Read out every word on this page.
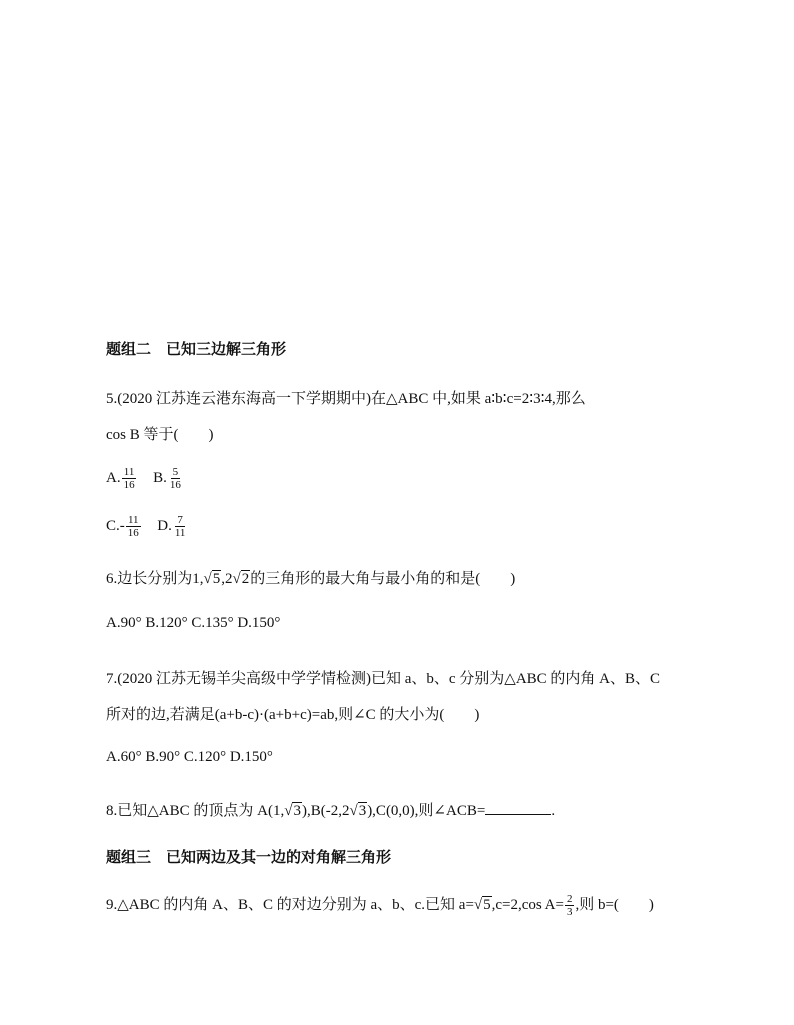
题组二　已知三边解三角形
5.(2020 江苏连云港东海高一下学期期中)在△ABC 中,如果 a∶b∶c=2∶3∶4,那么
cos B 等于(　　)
A. $\frac{11}{16} B$. $\frac{5}{16}$
$C.- \frac{11}{16} D$. $\frac{7}{11}$
6.边长分别为1,√5,2√2的三角形的最大角与最小角的和是(　　)
A.90° B.120° C.135° D.150°
7.(2020 江苏无锡羊尖高级中学学情检测)已知 a、b、c 分别为△ABC 的内角 A、B、C
所对的边,若满足(a+b-c)·(a+b+c)=ab,则∠C 的大小为(　　)
A.60° B.90° C.120° D.150°
8.已知△ABC 的顶点为 A(1,√3),B(-2,2√3),C(0,0),则∠ACB=	.
题组三　已知两边及其一边的对角解三角形
9.△ABC 的内角 A、B、C 的对边分别为 a、b、c.已知 a=√5,c=2,cos $A= \frac{2}{3}$ ,则 b=(　　)
